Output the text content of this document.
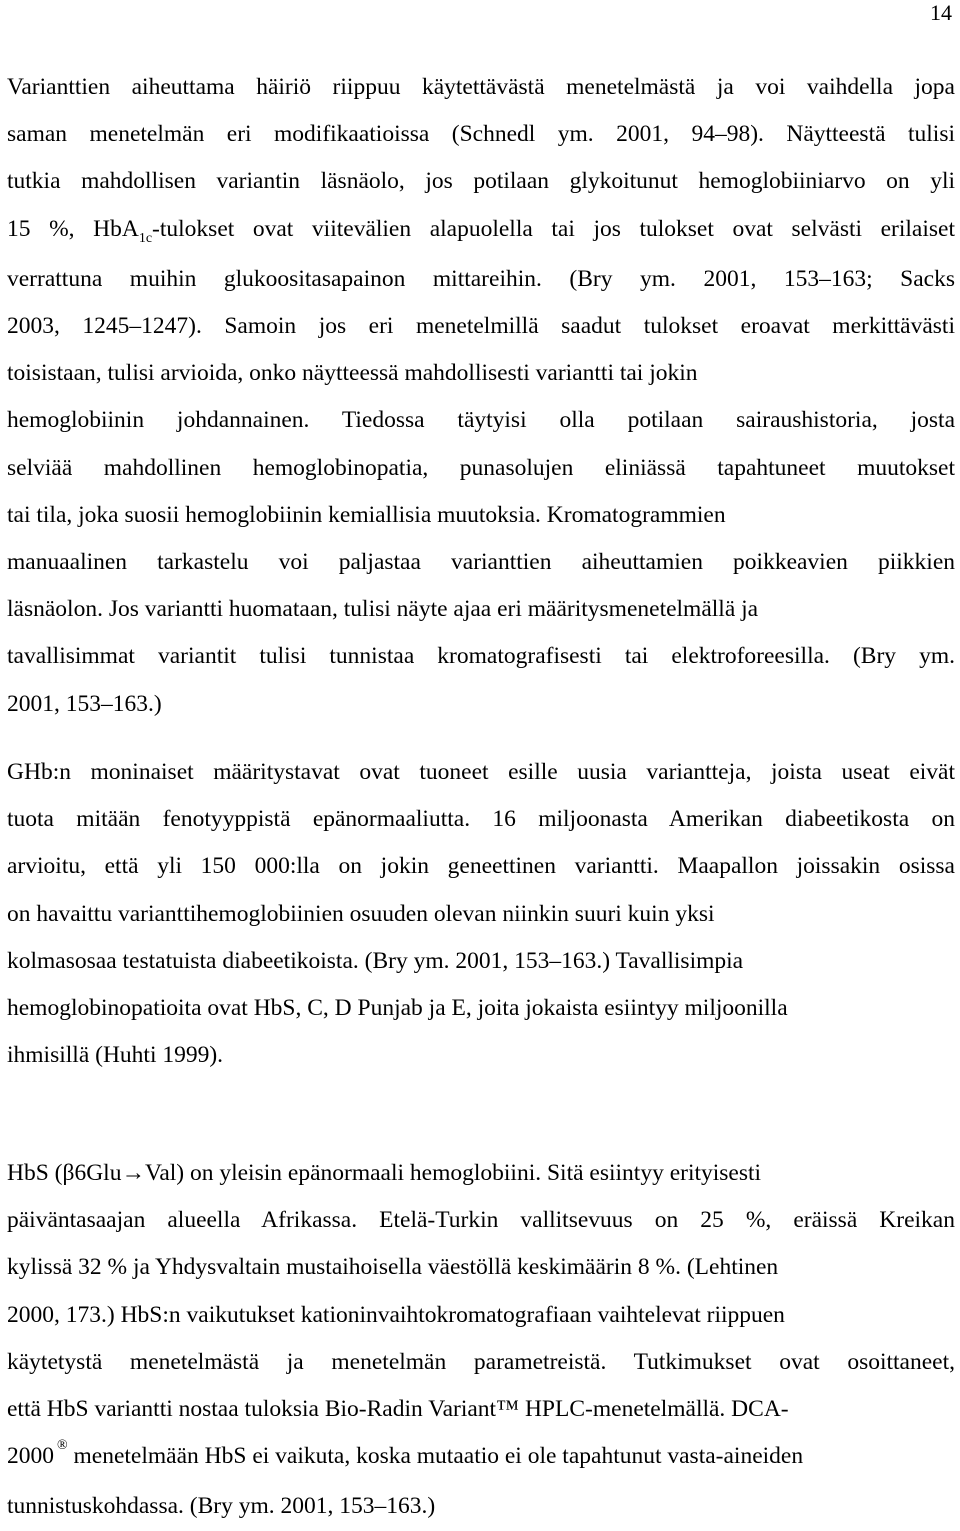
14
Varianttien aiheuttama häiriö riippuu käytettävästä menetelmästä ja voi vaihdella jopa
saman menetelmän eri modifikaatioissa (Schnedl ym. 2001, 94–98). Näytteestä tulisi
tutkia mahdollisen variantin läsnäolo, jos potilaan glykoitunut hemoglobiiniarvo on yli
15 %, HbA$_{1c}$-tulokset ovat viitevälien alapuolella tai jos tulokset ovat selvästi erilaiset
verrattuna muihin glukoositasapainon mittareihin. (Bry ym. 2001, 153–163; Sacks
2003, 1245–1247). Samoin jos eri menetelmillä saadut tulokset eroavat merkittävästi
toisistaan, tulisi arvioida, onko näytteessä mahdollisesti variantti tai jokin
hemoglobiinin johdannainen. Tiedossa täytyisi olla potilaan sairaushistoria, josta
selviää mahdollinen hemoglobinopatia, punasolujen eliniässä tapahtuneet muutokset
tai tila, joka suosii hemoglobiinin kemiallisia muutoksia. Kromatogrammien
manuaalinen tarkastelu voi paljastaa varianttien aiheuttamien poikkeavien piikkien
läsnäolon. Jos variantti huomataan, tulisi näyte ajaa eri määritysmenetelmällä ja
tavallisimmat variantit tulisi tunnistaa kromatografisesti tai elektroforeesilla. (Bry ym.
2001, 153–163.)
GHb:n moninaiset määritystavat ovat tuoneet esille uusia variantteja, joista useat eivät
tuota mitään fenotyyppistä epänormaaliutta. 16 miljoonasta Amerikan diabeetikosta on
arvioitu, että yli 150 000:lla on jokin geneettinen variantti. Maapallon joissakin osissa
on havaittu varianttihemoglobiinien osuuden olevan niinkin suuri kuin yksi
kolmasosaa testatuista diabeetikoista. (Bry ym. 2001, 153–163.) Tavallisimpia
hemoglobinopatioita ovat HbS, C, D Punjab ja E, joita jokaista esiintyy miljoonilla
ihmisillä (Huhti 1999).
HbS (β6Glu→Val) on yleisin epänormaali hemoglobiini. Sitä esiintyy erityisesti
päiväntasaajan alueella Afrikassa. Etelä-Turkin vallitsevuus on 25 %, eräissä Kreikan
kylissä 32 % ja Yhdysvaltain mustaihoisella väestöllä keskimäärin 8 %. (Lehtinen
2000, 173.) HbS:n vaikutukset kationinvaihtokromatografiaan vaihtelevat riippuen
käytetystä menetelmästä ja menetelmän parametreistä. Tutkimukset ovat osoittaneet,
että HbS variantti nostaa tuloksia Bio-Radin Variant™ HPLC-menetelmällä. DCA-
2000 ® menetelmään HbS ei vaikuta, koska mutaatio ei ole tapahtunut vasta-aineiden
tunnistuskohdassa. (Bry ym. 2001, 153–163.)
